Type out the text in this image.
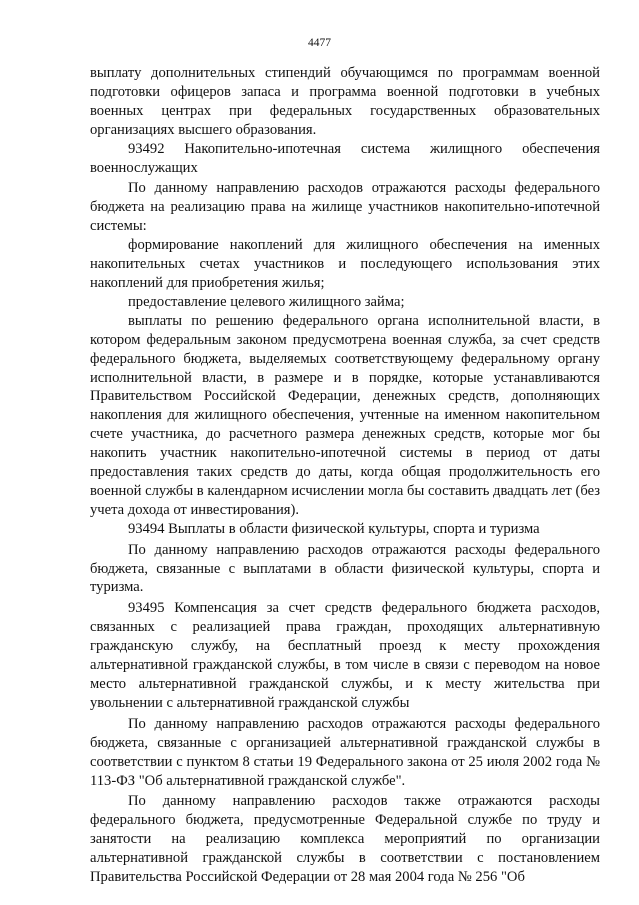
4477

выплату дополнительных стипендий обучающимся по программам военной подготовки офицеров запаса и программа военной подготовки в учебных военных центрах при федеральных государственных образовательных организациях высшего образования.

93492 Накопительно-ипотечная система жилищного обеспечения военнослужащих

По данному направлению расходов отражаются расходы федерального бюджета на реализацию права на жилище участников накопительно-ипотечной системы:

формирование накоплений для жилищного обеспечения на именных накопительных счетах участников и последующего использования этих накоплений для приобретения жилья;

предоставление целевого жилищного займа;

выплаты по решению федерального органа исполнительной власти, в котором федеральным законом предусмотрена военная служба, за счет средств федерального бюджета, выделяемых соответствующему федеральному органу исполнительной власти, в размере и в порядке, которые устанавливаются Правительством Российской Федерации, денежных средств, дополняющих накопления для жилищного обеспечения, учтенные на именном накопительном счете участника, до расчетного размера денежных средств, которые мог бы накопить участник накопительно-ипотечной системы в период от даты предоставления таких средств до даты, когда общая продолжительность его военной службы в календарном исчислении могла бы составить двадцать лет (без учета дохода от инвестирования).

93494 Выплаты в области физической культуры, спорта и туризма

По данному направлению расходов отражаются расходы федерального бюджета, связанные с выплатами в области физической культуры, спорта и туризма.

93495 Компенсация за счет средств федерального бюджета расходов, связанных с реализацией права граждан, проходящих альтернативную гражданскую службу, на бесплатный проезд к месту прохождения альтернативной гражданской службы, в том числе в связи с переводом на новое место альтернативной гражданской службы, и к месту жительства при увольнении с альтернативной гражданской службы

По данному направлению расходов отражаются расходы федерального бюджета, связанные с организацией альтернативной гражданской службы в соответствии с пунктом 8 статьи 19 Федерального закона от 25 июля 2002 года № 113-ФЗ "Об альтернативной гражданской службе".

По данному направлению расходов также отражаются расходы федерального бюджета, предусмотренные Федеральной службе по труду и занятости на реализацию комплекса мероприятий по организации альтернативной гражданской службы в соответствии с постановлением Правительства Российской Федерации от 28 мая 2004 года № 256 "Об
